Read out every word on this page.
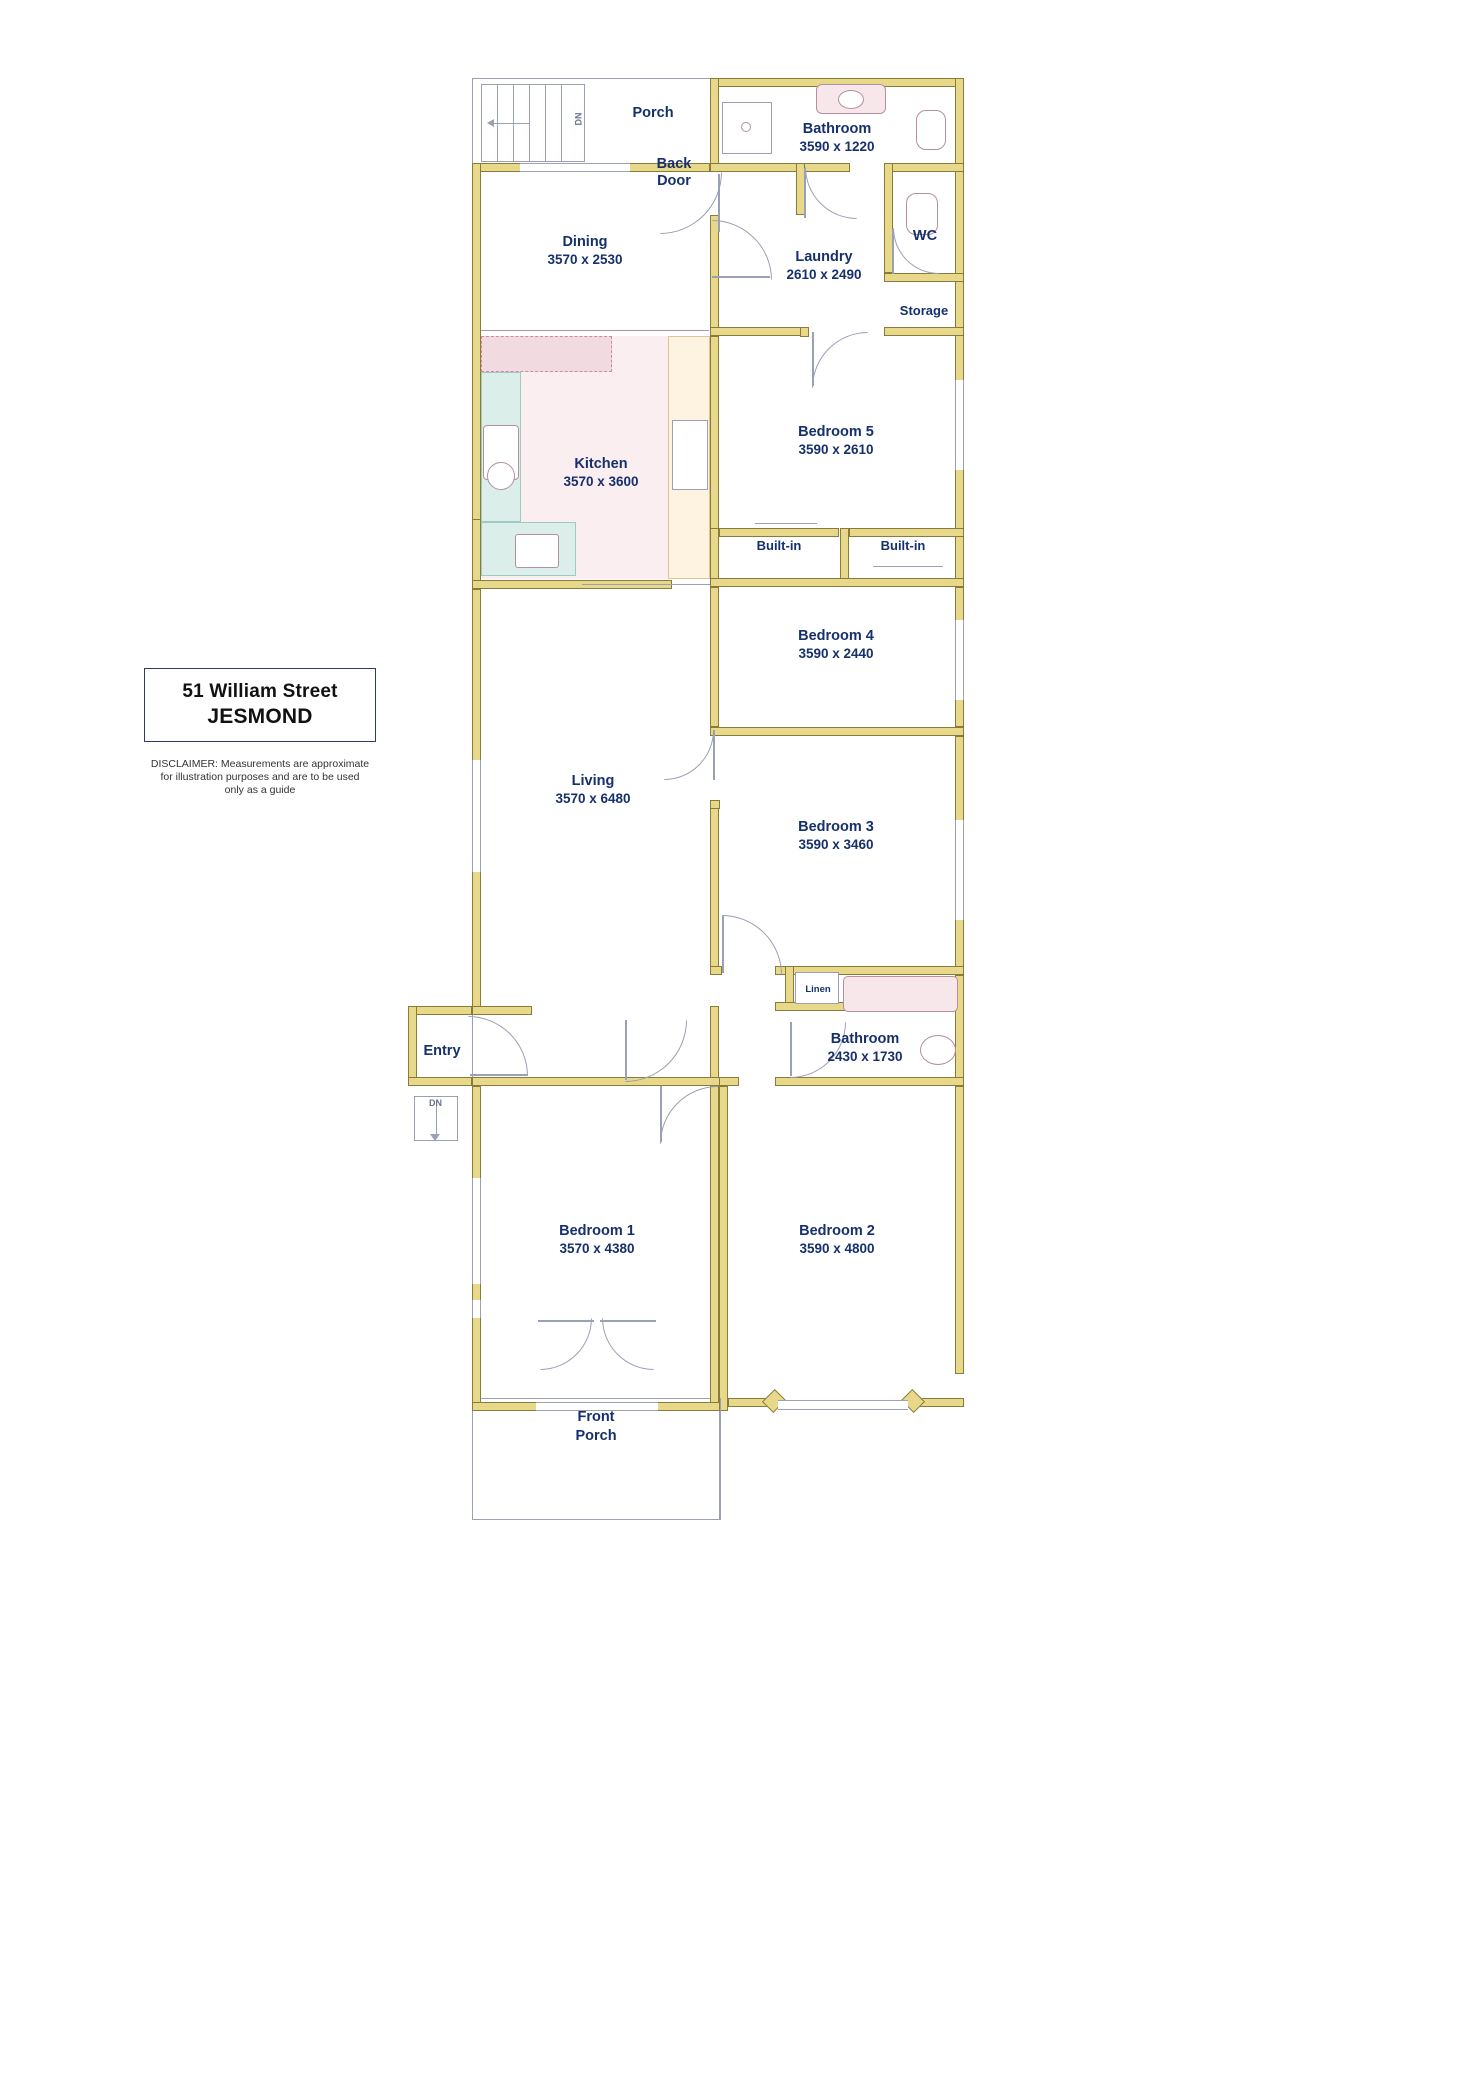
51 William Street
JESMOND
DISCLAIMER: Measurements are approximate for illustration purposes and are to be used only as a guide
DN
DN
Porch
Bathroom
3590 x 1220
Back
Door
Dining
3570 x 2530	Laundry
2610 x 2490
WC
Storage
Kitchen
3570 x 3600
Bedroom 5
3590 x 2610
Built-in	Built-in
Bedroom 4
3590 x 2440
Living
3570 x 6480
Bedroom 3
3590 x 3460
Linen
Entry
Bathroom
2430 x 1730
Bedroom 1
3570 x 4380
Bedroom 2
3590 x 4800
Front
Porch
